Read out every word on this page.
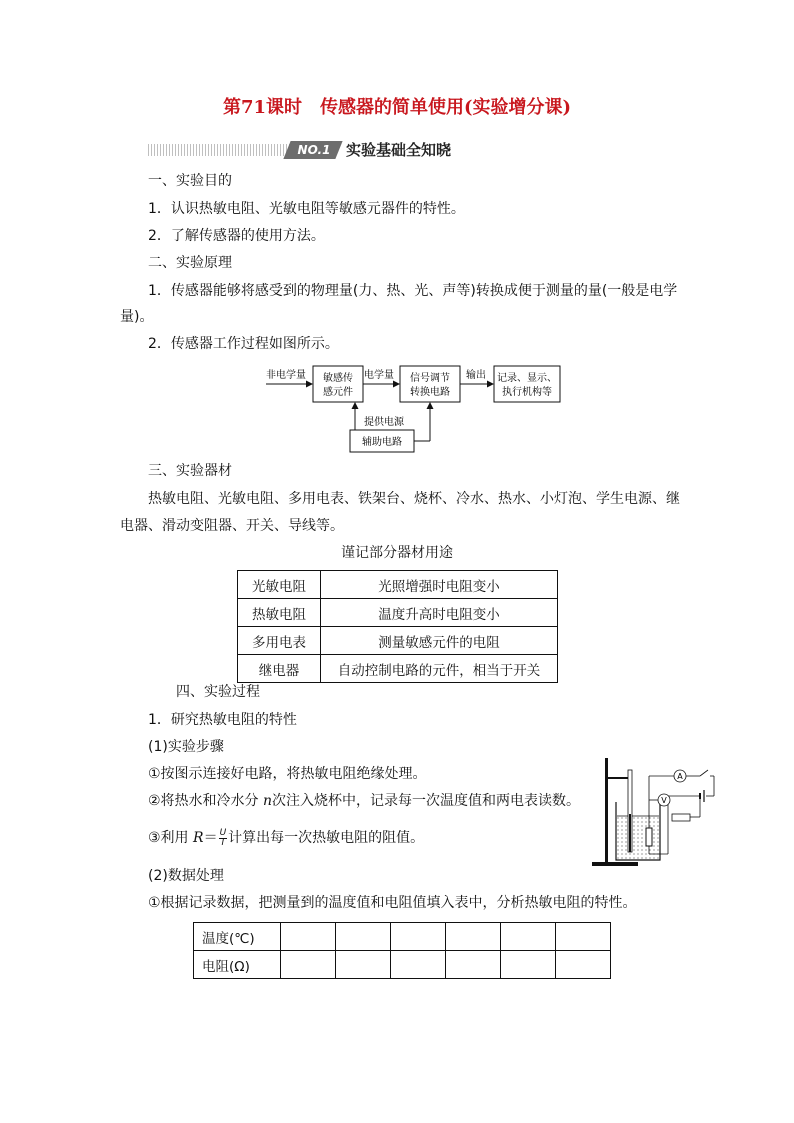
第71课时　传感器的简单使用(实验增分课)
NO.1	实验基础全知晓
一、实验目的
1．认识热敏电阻、光敏电阻等敏感元器件的特性。
2．了解传感器的使用方法。
二、实验原理
1．传感器能够将感受到的物理量(力、热、光、声等)转换成便于测量的量(一般是电学
量)。
2．传感器工作过程如图所示。
非电学量 敏感传
感元件
电学量 信号调节
转换电路
输出 记录、显示、
执行机构等
提供电源
辅助电路
三、实验器材
热敏电阻、光敏电阻、多用电表、铁架台、烧杯、冷水、热水、小灯泡、学生电源、继
电器、滑动变阻器、开关、导线等。
谨记部分器材用途
光敏电阻	光照增强时电阻变小
热敏电阻	温度升高时电阻变小
多用电表	测量敏感元件的电阻
继电器	自动控制电路的元件，相当于开关
四、实验过程
1．研究热敏电阻的特性
(1)实验步骤
①按图示连接好电路，将热敏电阻绝缘处理。
②将热水和冷水分 n次注入烧杯中，记录每一次温度值和两电表读数。
③利用 $R= \frac{U}{I}$ 计算出每一次热敏电阻的阻值。
(2)数据处理
①根据记录数据，把测量到的温度值和电阻值填入表中，分析热敏电阻的特性。
V
A
温度(℃)						
电阻(Ω)						
